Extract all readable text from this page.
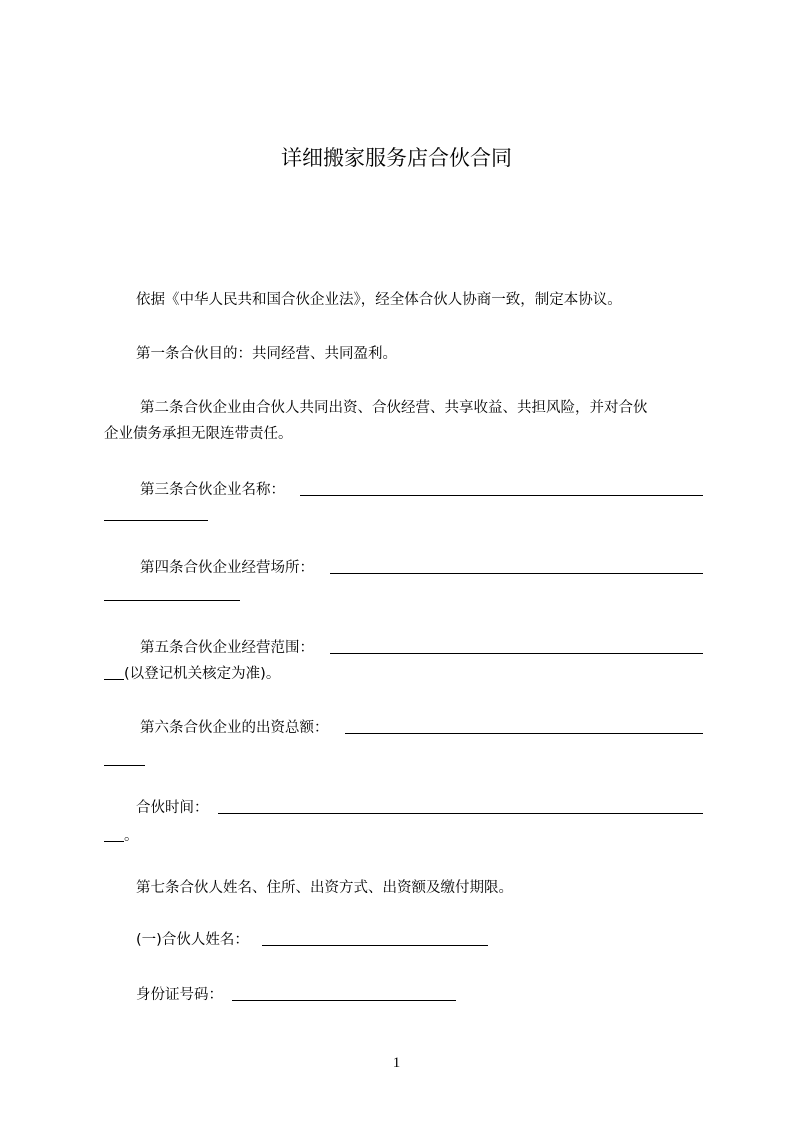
详细搬家服务店合伙合同
依据《中华人民共和国合伙企业法》，经全体合伙人协商一致，制定本协议。
第一条合伙目的：共同经营、共同盈利。
第二条合伙企业由合伙人共同出资、合伙经营、共享收益、共担风险，并对合伙
企业债务承担无限连带责任。
第三条合伙企业名称：
第四条合伙企业经营场所：
第五条合伙企业经营范围：
(以登记机关核定为准)。
第六条合伙企业的出资总额：
合伙时间：
。
第七条合伙人姓名、住所、出资方式、出资额及缴付期限。
(一)合伙人姓名：
身份证号码：
1
